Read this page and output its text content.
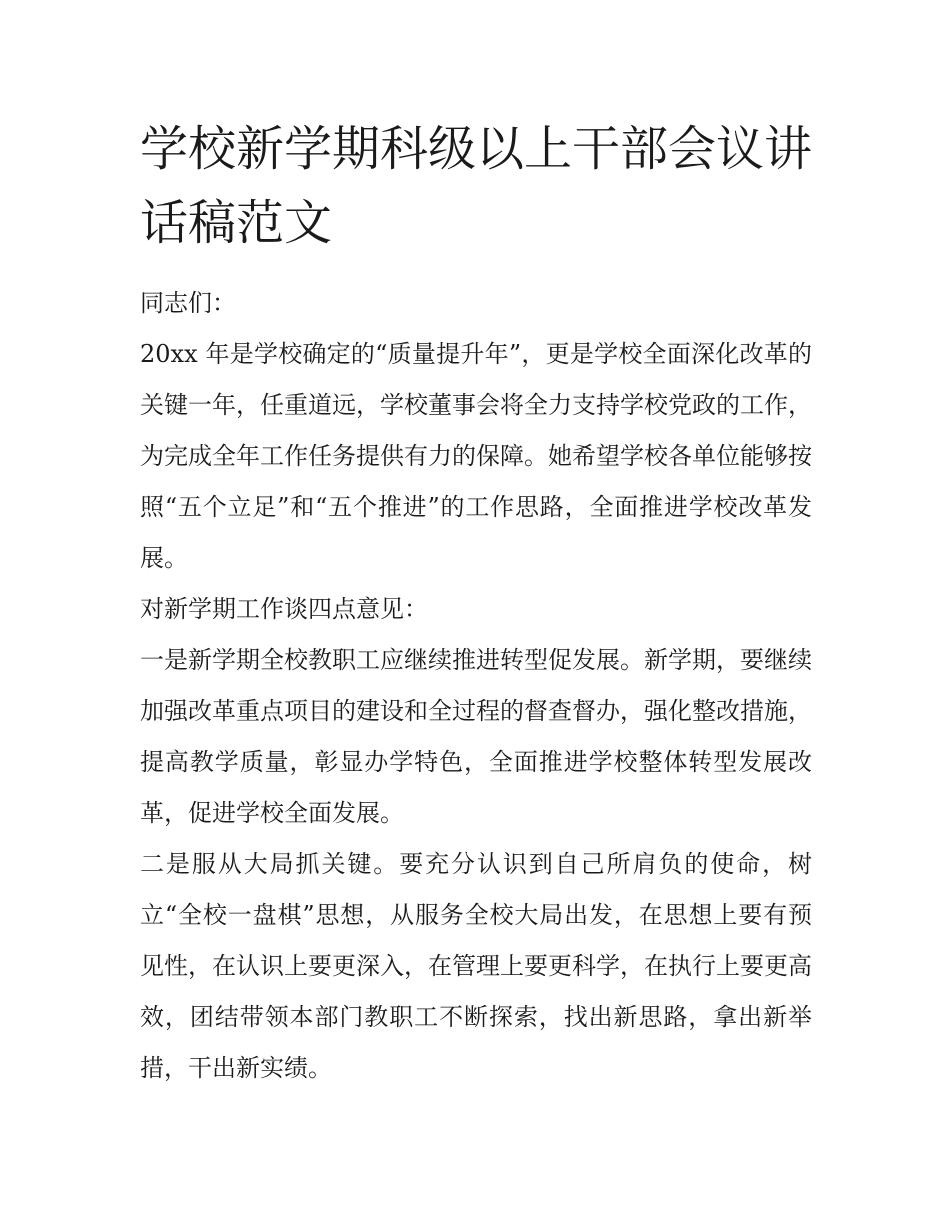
学校新学期科级以上干部会议讲话稿范文

同志们：

20xx 年是学校确定的“质量提升年”，更是学校全面深化改革的关键一年，任重道远，学校董事会将全力支持学校党政的工作，为完成全年工作任务提供有力的保障。她希望学校各单位能够按照“五个立足”和“五个推进”的工作思路，全面推进学校改革发展。

对新学期工作谈四点意见：

一是新学期全校教职工应继续推进转型促发展。新学期，要继续加强改革重点项目的建设和全过程的督查督办，强化整改措施，提高教学质量，彰显办学特色，全面推进学校整体转型发展改革，促进学校全面发展。

二是服从大局抓关键。要充分认识到自己所肩负的使命，树立“全校一盘棋”思想，从服务全校大局出发，在思想上要有预见性，在认识上要更深入，在管理上要更科学，在执行上要更高效，团结带领本部门教职工不断探索，找出新思路，拿出新举措，干出新实绩。
